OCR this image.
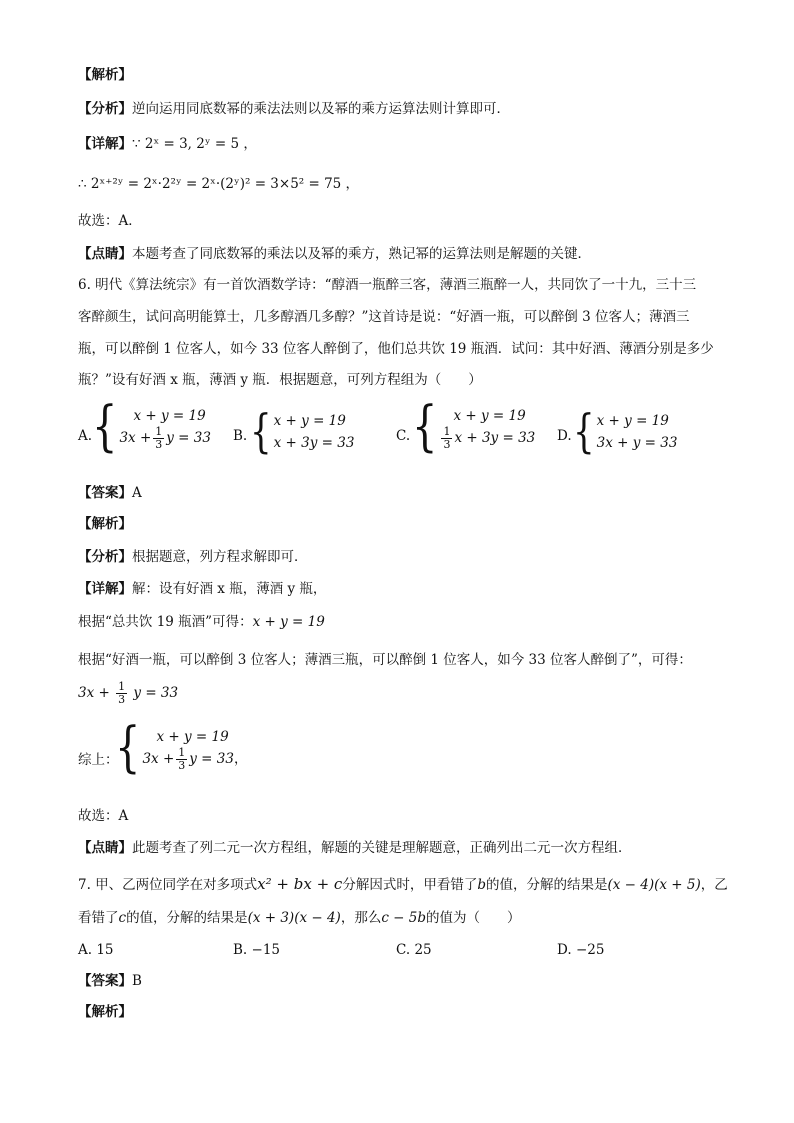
【解析】
【分析】逆向运用同底数幂的乘法法则以及幂的乘方运算法则计算即可．
【详解】∵ 2ˣ = 3, 2ʸ = 5 ，
∴ 2ˣ⁺²ʸ = 2ˣ·2²ʸ = 2ˣ·(2ʸ)² = 3×5² = 75 ，
故选：A．
【点睛】本题考查了同底数幂的乘法以及幂的乘方，熟记幂的运算法则是解题的关键．
6. 明代《算法统宗》有一首饮酒数学诗：“醇酒一瓶醉三客，薄酒三瓶醉一人，共同饮了一十九，三十三
客醉颜生，试问高明能算士，几多醇酒几多醇？”这首诗是说：“好酒一瓶，可以醉倒 3 位客人；薄酒三
瓶，可以醉倒 1 位客人，如今 33 位客人醉倒了，他们总共饮 19 瓶酒．试问：其中好酒、薄酒分别是多少
瓶？”设有好酒 x 瓶，薄酒 y 瓶．根据题意，可列方程组为（　　）
A. {	x + y = 19
$3x + \frac{1}{3}$ y = 33 B. { x + y = 19
x + 3y = 33	C. {	x + y = 19
$\frac{1}{3}$ x + 3y = 33 D. { x + y = 19
3x + y = 33
【答案】A
【解析】
【分析】根据题意，列方程求解即可．
【详解】解：设有好酒 x 瓶，薄酒 y 瓶，
根据“总共饮 19 瓶酒”可得：x + y = 19
根据“好酒一瓶，可以醉倒 3 位客人；薄酒三瓶，可以醉倒 1 位客人，如今 33 位客人醉倒了”，可得：
$3x + \frac{1}{3}$ y = 33
综上：
{	x + y = 19
$3x + \frac{1}{3}$ y = 33 ，
故选：A
【点睛】此题考查了列二元一次方程组，解题的关键是理解题意，正确列出二元一次方程组．
7. 甲、乙两位同学在对多项式x² + bx + c分解因式时，甲看错了b的值，分解的结果是(x − 4)(x + 5)，乙
看错了c的值，分解的结果是(x + 3)(x − 4)，那么c − 5b的值为（　　）
A. 15	B. −15	C. 25	D. −25
【答案】B
【解析】
